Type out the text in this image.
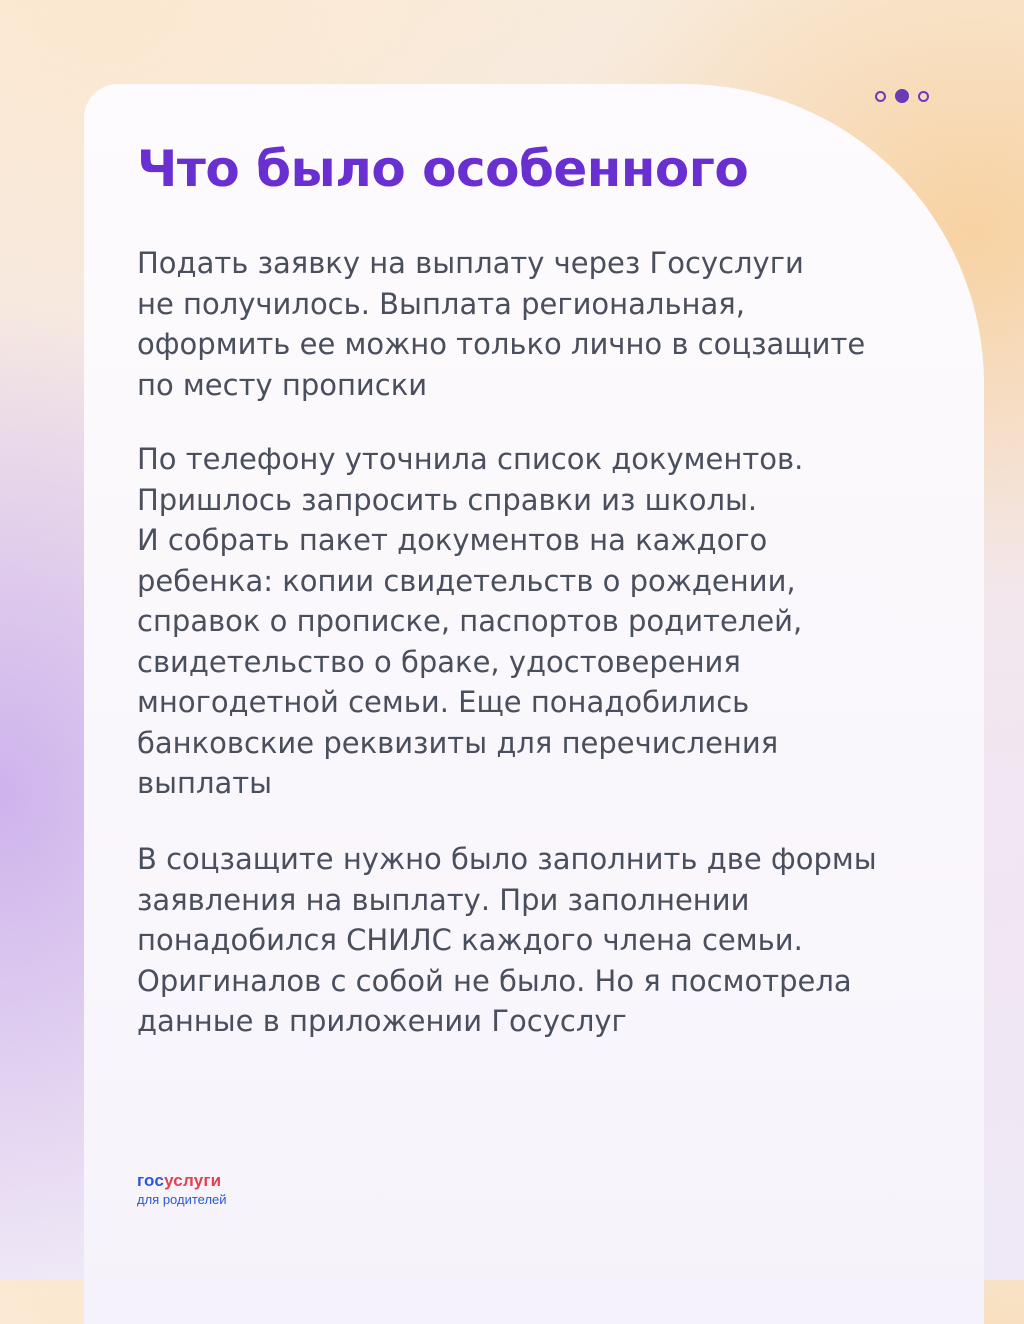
Что было особенного

Подать заявку на выплату через Госуслуги
не получилось. Выплата региональная,
оформить ее можно только лично в соцзащите
по месту прописки

По телефону уточнила список документов.
Пришлось запросить справки из школы.
И собрать пакет документов на каждого
ребенка: копии свидетельств о рождении,
справок о прописке, паспортов родителей,
свидетельство о браке, удостоверения
многодетной семьи. Еще понадобились
банковские реквизиты для перечисления
выплаты

В соцзащите нужно было заполнить две формы
заявления на выплату. При заполнении
понадобился СНИЛС каждого члена семьи.
Оригиналов с собой не было. Но я посмотрела
данные в приложении Госуслуг

госуслуги
для родителей
